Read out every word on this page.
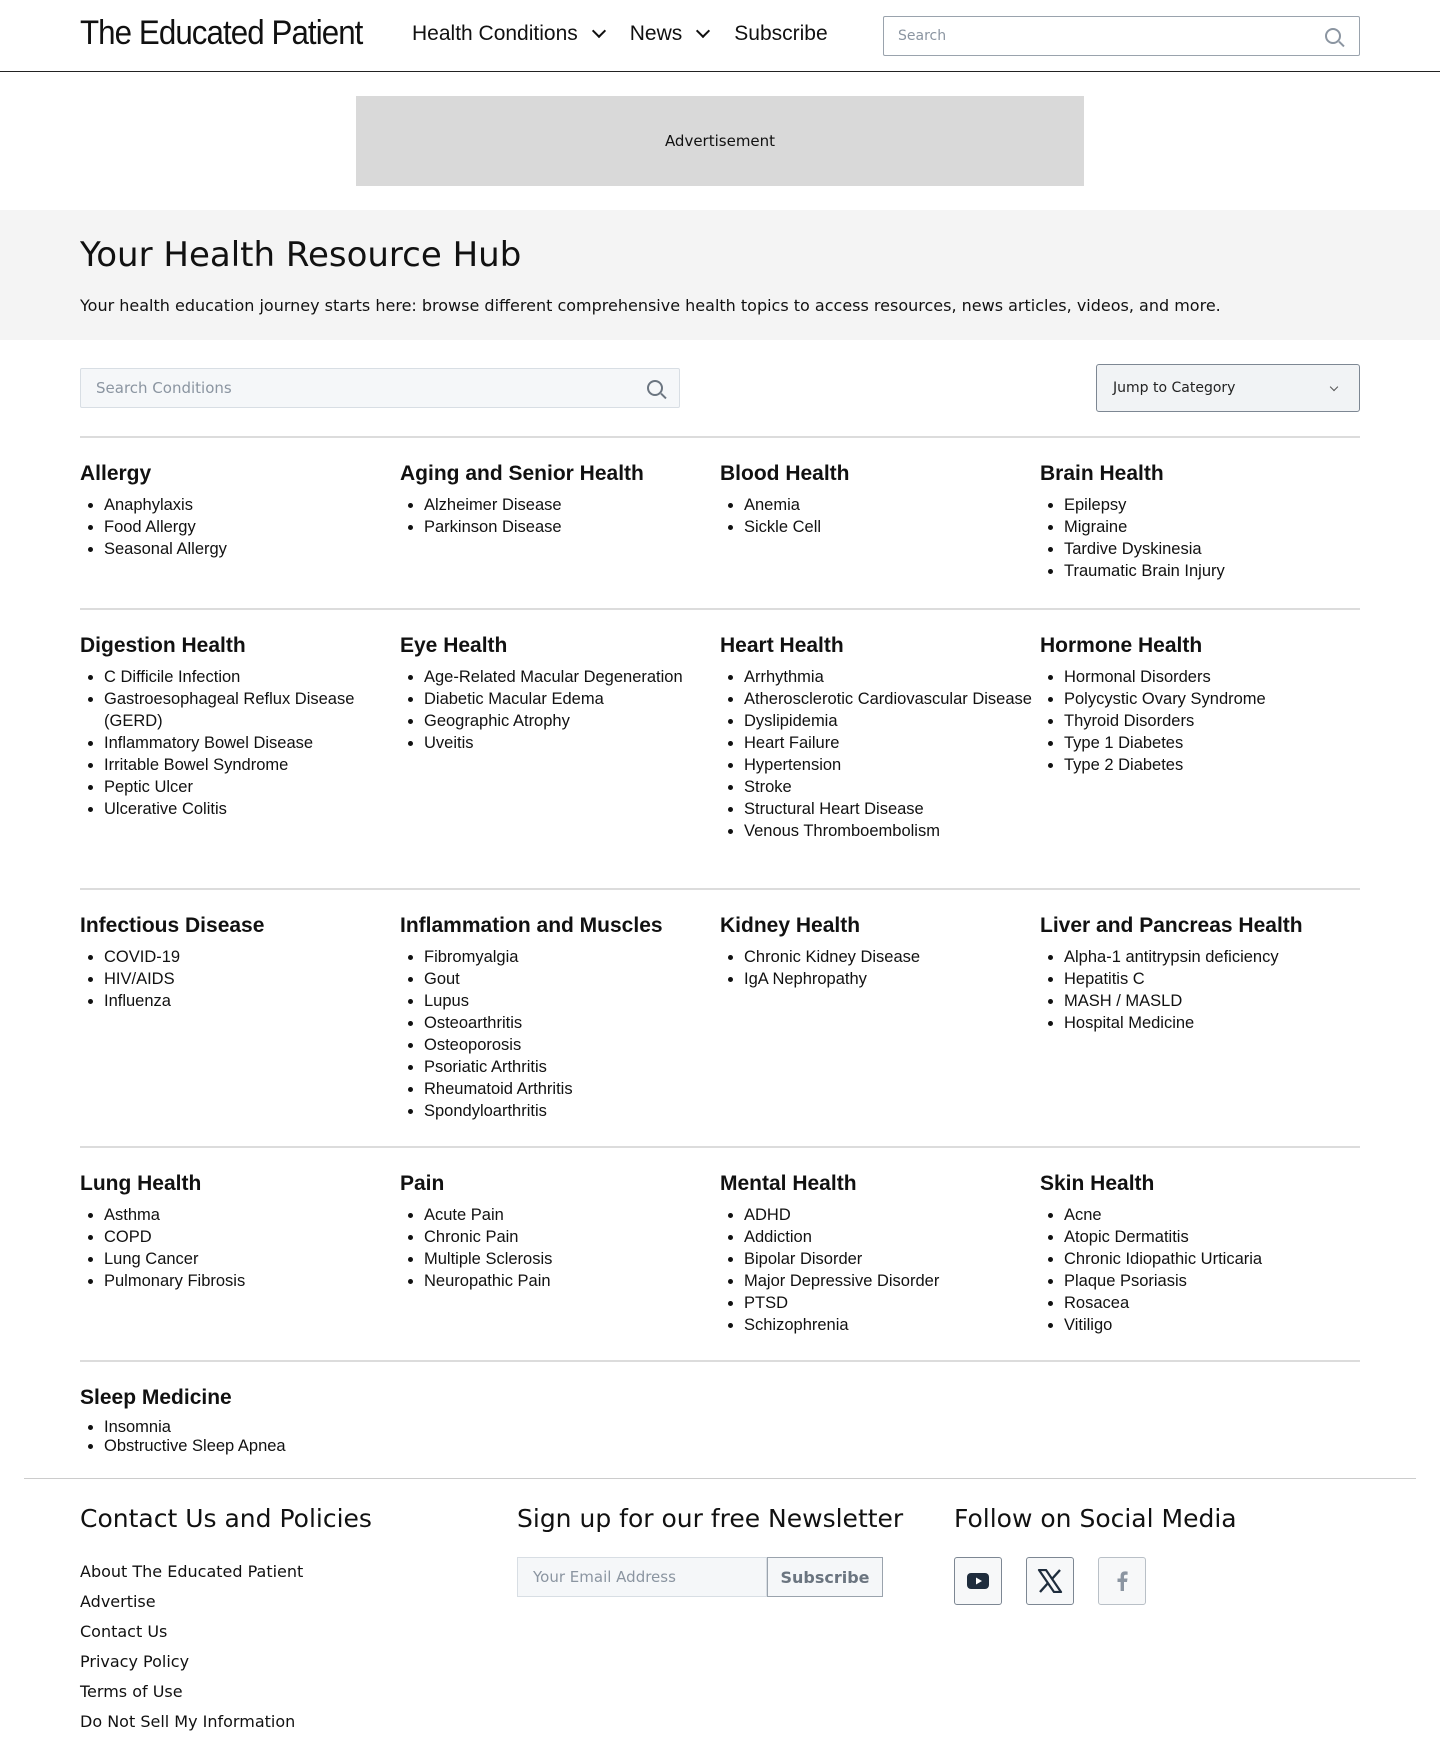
The Educated Patient Health Conditions News Subscribe
Search
Advertisement
Your Health Resource Hub

Your health education journey starts here: browse different comprehensive health topics to access resources, news articles, videos, and more.

Search Conditions
Jump to Category
Allergy
• Anaphylaxis
• Food Allergy
• Seasonal Allergy
Aging and Senior Health
• Alzheimer Disease
• Parkinson Disease
Blood Health
• Anemia
• Sickle Cell
Brain Health
• Epilepsy
• Migraine
• Tardive Dyskinesia
• Traumatic Brain Injury
Digestion Health
• C Difficile Infection
• Gastroesophageal Reflux Disease (GERD)
• Inflammatory Bowel Disease
• Irritable Bowel Syndrome
• Peptic Ulcer
• Ulcerative Colitis
Eye Health
• Age-Related Macular Degeneration
• Diabetic Macular Edema
• Geographic Atrophy
• Uveitis
Heart Health
• Arrhythmia
• Atherosclerotic Cardiovascular Disease
• Dyslipidemia
• Heart Failure
• Hypertension
• Stroke
• Structural Heart Disease
• Venous Thromboembolism
Hormone Health
• Hormonal Disorders
• Polycystic Ovary Syndrome
• Thyroid Disorders
• Type 1 Diabetes
• Type 2 Diabetes
Infectious Disease
• COVID-19
• HIV/AIDS
• Influenza
Inflammation and Muscles
• Fibromyalgia
• Gout
• Lupus
• Osteoarthritis
• Osteoporosis
• Psoriatic Arthritis
• Rheumatoid Arthritis
• Spondyloarthritis
Kidney Health
• Chronic Kidney Disease
• IgA Nephropathy
Liver and Pancreas Health
• Alpha-1 antitrypsin deficiency
• Hepatitis C
• MASH / MASLD
• Hospital Medicine
Lung Health
• Asthma
• COPD
• Lung Cancer
• Pulmonary Fibrosis
Pain
• Acute Pain
• Chronic Pain
• Multiple Sclerosis
• Neuropathic Pain
Mental Health
• ADHD
• Addiction
• Bipolar Disorder
• Major Depressive Disorder
• PTSD
• Schizophrenia
Skin Health
• Acne
• Atopic Dermatitis
• Chronic Idiopathic Urticaria
• Plaque Psoriasis
• Rosacea
• Vitiligo
Sleep Medicine
• Insomnia
• Obstructive Sleep Apnea
Contact Us and Policies
About The Educated Patient
Advertise
Contact Us
Privacy Policy
Terms of Use
Do Not Sell My Information
Sign up for our free Newsletter
Your Email Address
Subscribe
Follow on Social Media
